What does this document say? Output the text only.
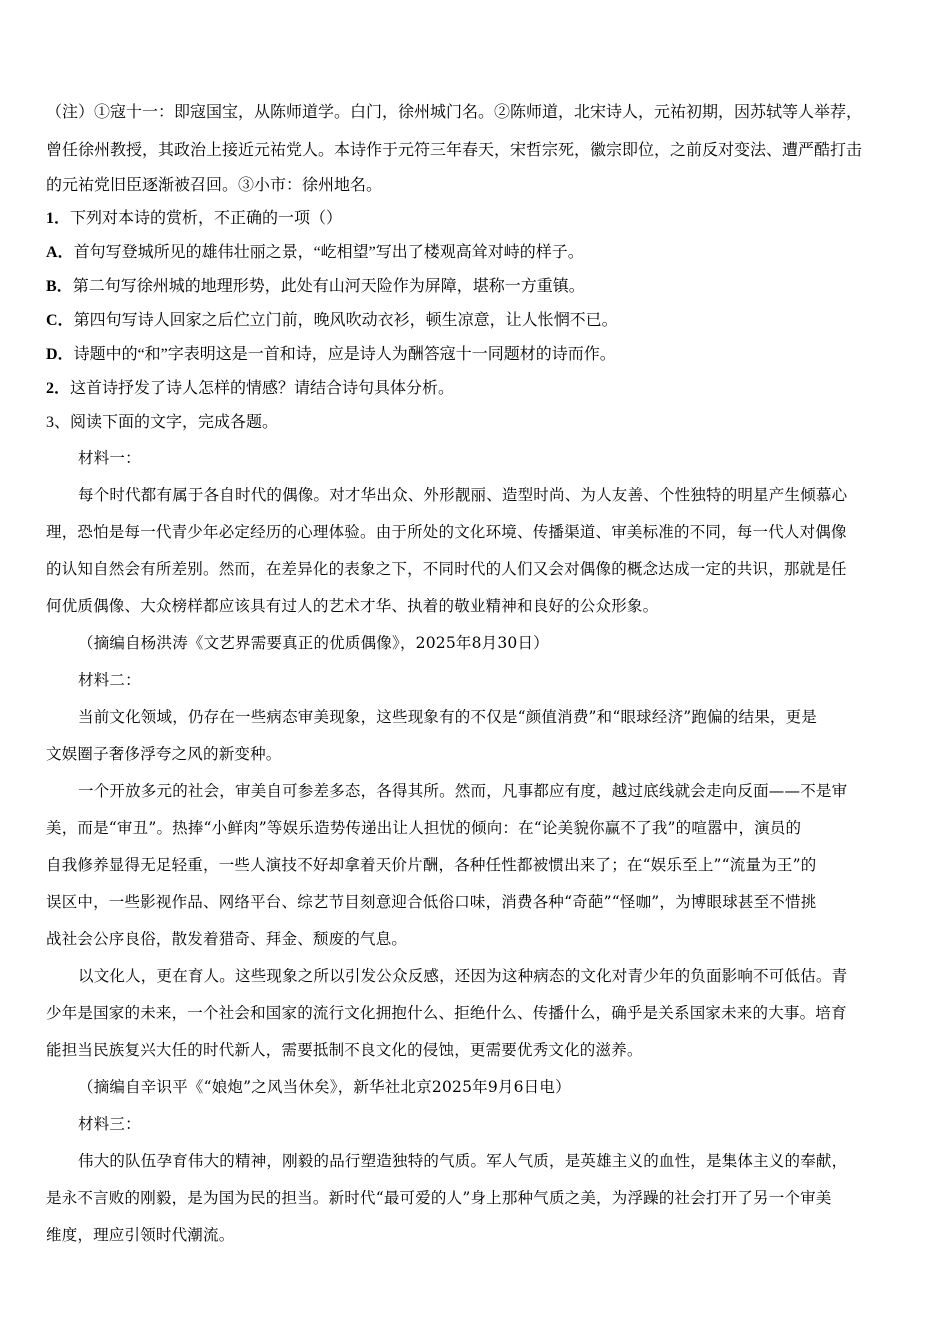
（注）①寇十一：即寇国宝，从陈师道学。白门，徐州城门名。②陈师道，北宋诗人，元祐初期，因苏轼等人举荐，

曾任徐州教授，其政治上接近元祐党人。本诗作于元符三年春天，宋哲宗死，徽宗即位，之前反对变法、遭严酷打击

的元祐党旧臣逐渐被召回。③小市：徐州地名。

1．下列对本诗的赏析，不正确的一项（）

A．首句写登城所见的雄伟壮丽之景，“屹相望”写出了楼观高耸对峙的样子。

B．第二句写徐州城的地理形势，此处有山河天险作为屏障，堪称一方重镇。

C．第四句写诗人回家之后伫立门前，晚风吹动衣衫，顿生凉意，让人怅惘不已。

D．诗题中的“和”字表明这是一首和诗，应是诗人为酬答寇十一同题材的诗而作。

2．这首诗抒发了诗人怎样的情感？请结合诗句具体分析。

3、阅读下面的文字，完成各题。

材料一：

每个时代都有属于各自时代的偶像。对才华出众、外形靓丽、造型时尚、为人友善、个性独特的明星产生倾慕心

理，恐怕是每一代青少年必定经历的心理体验。由于所处的文化环境、传播渠道、审美标准的不同，每一代人对偶像

的认知自然会有所差别。然而，在差异化的表象之下，不同时代的人们又会对偶像的概念达成一定的共识，那就是任

何优质偶像、大众榜样都应该具有过人的艺术才华、执着的敬业精神和良好的公众形象。

（摘编自杨洪涛《文艺界需要真正的优质偶像》，2025年8月30日）

材料二：

当前文化领域，仍存在一些病态审美现象，这些现象有的不仅是“颜值消费”和“眼球经济”跑偏的结果，更是

文娱圈子奢侈浮夸之风的新变种。

一个开放多元的社会，审美自可参差多态，各得其所。然而，凡事都应有度，越过底线就会走向反面——不是审

美，而是“审丑”。热捧“小鲜肉”等娱乐造势传递出让人担忧的倾向：在“论美貌你赢不了我”的喧嚣中，演员的

自我修养显得无足轻重，一些人演技不好却拿着天价片酬，各种任性都被惯出来了；在“娱乐至上”“流量为王”的

误区中，一些影视作品、网络平台、综艺节目刻意迎合低俗口味，消费各种“奇葩”“怪咖”，为博眼球甚至不惜挑

战社会公序良俗，散发着猎奇、拜金、颓废的气息。

以文化人，更在育人。这些现象之所以引发公众反感，还因为这种病态的文化对青少年的负面影响不可低估。青

少年是国家的未来，一个社会和国家的流行文化拥抱什么、拒绝什么、传播什么，确乎是关系国家未来的大事。培育

能担当民族复兴大任的时代新人，需要抵制不良文化的侵蚀，更需要优秀文化的滋养。

（摘编自辛识平《“娘炮”之风当休矣》，新华社北京2025年9月6日电）

材料三：

伟大的队伍孕育伟大的精神，刚毅的品行塑造独特的气质。军人气质，是英雄主义的血性，是集体主义的奉献，

是永不言败的刚毅，是为国为民的担当。新时代“最可爱的人”身上那种气质之美，为浮躁的社会打开了另一个审美

维度，理应引领时代潮流。
